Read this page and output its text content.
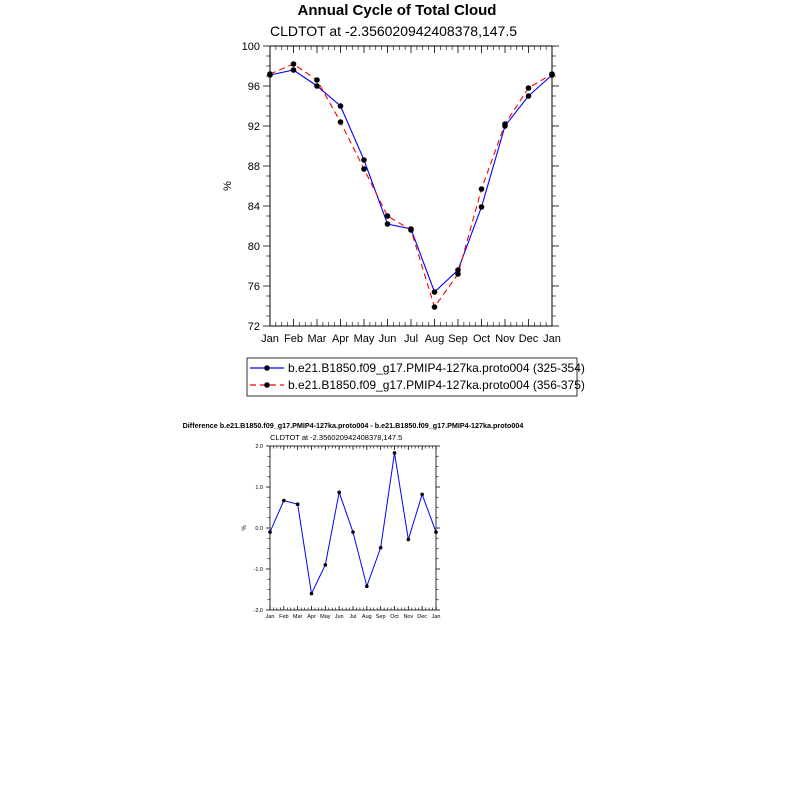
Annual Cycle of Total Cloud
CLDTOT at -2.356020942408378,147.5
%
Jan Feb Mar Apr May Jun Jul Aug Sep Oct Nov Dec Jan
72
76
80
84
88
92
96
100
b.e21.B1850.f09_g17.PMIP4-127ka.proto004 (325-354)
b.e21.B1850.f09_g17.PMIP4-127ka.proto004 (356-375)
Difference b.e21.B1850.f09_g17.PMIP4-127ka.proto004 - b.e21.B1850.f09_g17.PMIP4-127ka.proto004
CLDTOT at -2.356020942408378,147.5
%
Jan Feb Mar Apr May Jun Jul Aug Sep Oct Nov Dec Jan
-2.0
-1.0
0.0
1.0
2.0
